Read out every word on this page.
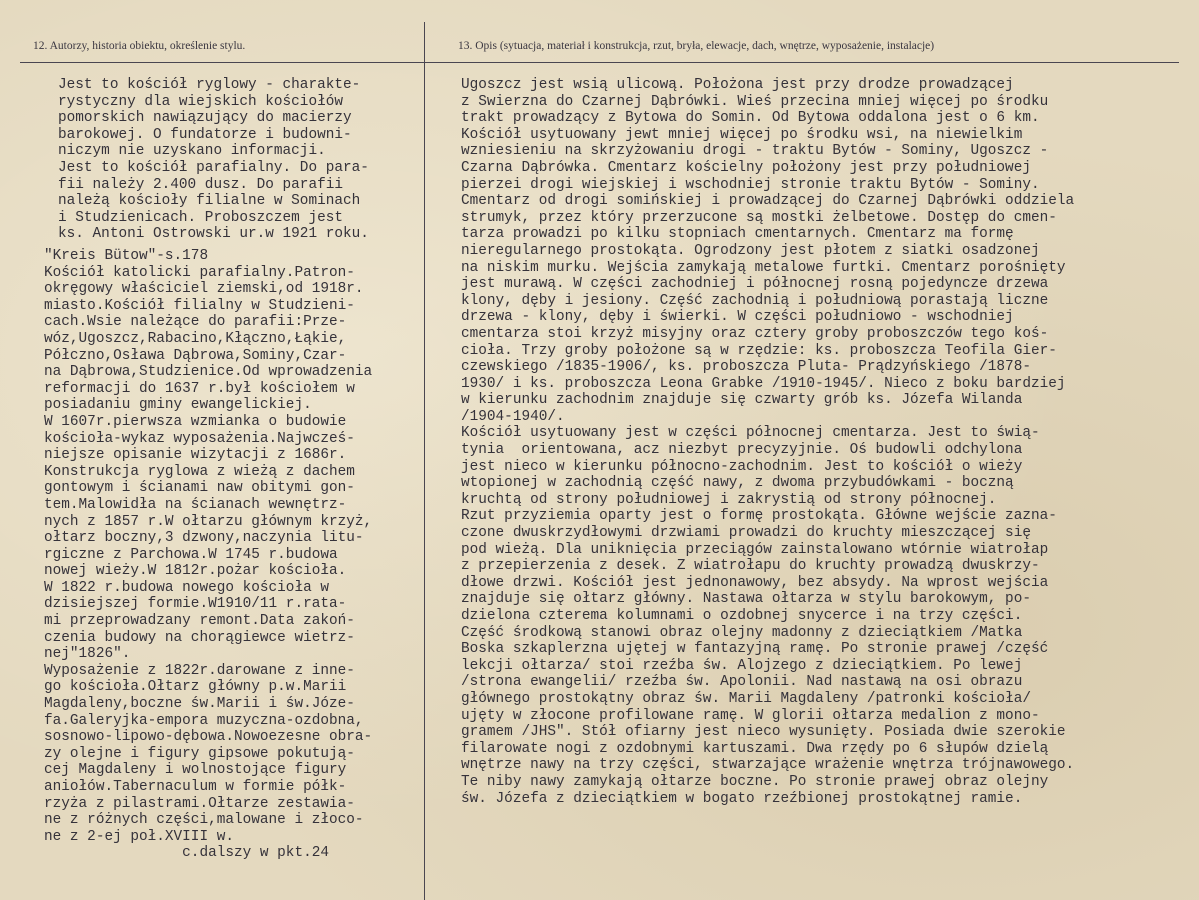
12. Autorzy, historia obiektu, określenie stylu.	13. Opis (sytuacja, materiał i konstrukcja, rzut, bryła, elewacje, dach, wnętrze, wyposażenie, instalacje)
Jest to kościół ryglowy - charakte-
rystyczny dla wiejskich kościołów
pomorskich nawiązujący do macierzy
barokowej. O fundatorze i budowni-
niczym nie uzyskano informacji.
Jest to kościół parafialny. Do para-
fii należy 2.400 dusz. Do parafii
należą kościoły filialne w Sominach
i Studzienicach. Proboszczem jest
ks. Antoni Ostrowski ur.w 1921 roku.
"Kreis Bütow"-s.178
Kościół katolicki parafialny.Patron-
okręgowy właściciel ziemski,od 1918r.
miasto.Kościół filialny w Studzieni-
cach.Wsie należące do parafii:Prze-
wóz,Ugoszcz,Rabacino,Kłączno,Łąkie,
Półczno,Osława Dąbrowa,Sominy,Czar-
na Dąbrowa,Studzienice.Od wprowadzenia
reformacji do 1637 r.był kościołem w
posiadaniu gminy ewangelickiej.
W 1607r.pierwsza wzmianka o budowie
kościoła-wykaz wyposażenia.Najwcześ-
niejsze opisanie wizytacji z 1686r.
Konstrukcja ryglowa z wieżą z dachem
gontowym i ścianami naw obitymi gon-
tem.Malowidła na ścianach wewnętrz-
nych z 1857 r.W ołtarzu głównym krzyż,
ołtarz boczny,3 dzwony,naczynia litu-
rgiczne z Parchowa.W 1745 r.budowa
nowej wieży.W 1812r.pożar kościoła.
W 1822 r.budowa nowego kościoła w
dzisiejszej formie.W1910/11 r.rata-
mi przeprowadzany remont.Data zakoń-
czenia budowy na chorągiewce wietrz-
nej"1826".
Wyposażenie z 1822r.darowane z inne-
go kościoła.Ołtarz główny p.w.Marii
Magdaleny,boczne św.Marii i św.Józe-
fa.Galeryjka-empora muzyczna-ozdobna,
sosnowo-lipowo-dębowa.Nowoezesne obra-
zy olejne i figury gipsowe pokutują-
cej Magdaleny i wolnostojące figury
aniołów.Tabernaculum w formie półk-
rzyża z pilastrami.Ołtarze zestawia-
ne z różnych części,malowane i złoco-
ne z 2-ej poł.XVIII w.
c.dalszy w pkt.24
Ugoszcz jest wsią ulicową. Położona jest przy drodze prowadzącej
z Swierzna do Czarnej Dąbrówki. Wieś przecina mniej więcej po środku
trakt prowadzący z Bytowa do Somin. Od Bytowa oddalona jest o 6 km.
Kościół usytuowany jewt mniej więcej po środku wsi, na niewielkim
wzniesieniu na skrzyżowaniu drogi - traktu Bytów - Sominy, Ugoszcz -
Czarna Dąbrówka. Cmentarz kościelny położony jest przy południowej
pierzei drogi wiejskiej i wschodniej stronie traktu Bytów - Sominy.
Cmentarz od drogi somińskiej i prowadzącej do Czarnej Dąbrówki oddziela
strumyk, przez który przerzucone są mostki żelbetowe. Dostęp do cmen-
tarza prowadzi po kilku stopniach cmentarnych. Cmentarz ma formę
nieregularnego prostokąta. Ogrodzony jest płotem z siatki osadzonej
na niskim murku. Wejścia zamykają metalowe furtki. Cmentarz porośnięty
jest murawą. W części zachodniej i północnej rosną pojedyncze drzewa
klony, dęby i jesiony. Część zachodnią i południową porastają liczne
drzewa - klony, dęby i świerki. W części południowo - wschodniej
cmentarza stoi krzyż misyjny oraz cztery groby proboszczów tego koś-
cioła. Trzy groby położone są w rzędzie: ks. proboszcza Teofila Gier-
czewskiego /1835-1906/, ks. proboszcza Pluta- Prądzyńskiego /1878-
1930/ i ks. proboszcza Leona Grabke /1910-1945/. Nieco z boku bardziej
w kierunku zachodnim znajduje się czwarty grób ks. Józefa Wilanda
/1904-1940/.
Kościół usytuowany jest w części północnej cmentarza. Jest to świą-
tynia  orientowana, acz niezbyt precyzyjnie. Oś budowli odchylona
jest nieco w kierunku północno-zachodnim. Jest to kościół o wieży
wtopionej w zachodnią część nawy, z dwoma przybudówkami - boczną
kruchtą od strony południowej i zakrystią od strony północnej.
Rzut przyziemia oparty jest o formę prostokąta. Główne wejście zazna-
czone dwuskrzydłowymi drzwiami prowadzi do kruchty mieszczącej się
pod wieżą. Dla uniknięcia przeciągów zainstalowano wtórnie wiatrołap
z przepierzenia z desek. Z wiatrołapu do kruchty prowadzą dwuskrzy-
dłowe drzwi. Kościół jest jednonawowy, bez absydy. Na wprost wejścia
znajduje się ołtarz główny. Nastawa ołtarza w stylu barokowym, po-
dzielona czterema kolumnami o ozdobnej snycerce i na trzy części.
Część środkową stanowi obraz olejny madonny z dzieciątkiem /Matka
Boska szkaplerzna ujętej w fantazyjną ramę. Po stronie prawej /część
lekcji ołtarza/ stoi rzeźba św. Alojzego z dzieciątkiem. Po lewej
/strona ewangelii/ rzeźba św. Apolonii. Nad nastawą na osi obrazu
głównego prostokątny obraz św. Marii Magdaleny /patronki kościoła/
ujęty w złocone profilowane ramę. W glorii ołtarza medalion z mono-
gramem /JHS". Stół ofiarny jest nieco wysunięty. Posiada dwie szerokie
filarowate nogi z ozdobnymi kartuszami. Dwa rzędy po 6 słupów dzielą
wnętrze nawy na trzy części, stwarzające wrażenie wnętrza trójnawowego.
Te niby nawy zamykają ołtarze boczne. Po stronie prawej obraz olejny
św. Józefa z dzieciątkiem w bogato rzeźbionej prostokątnej ramie.
